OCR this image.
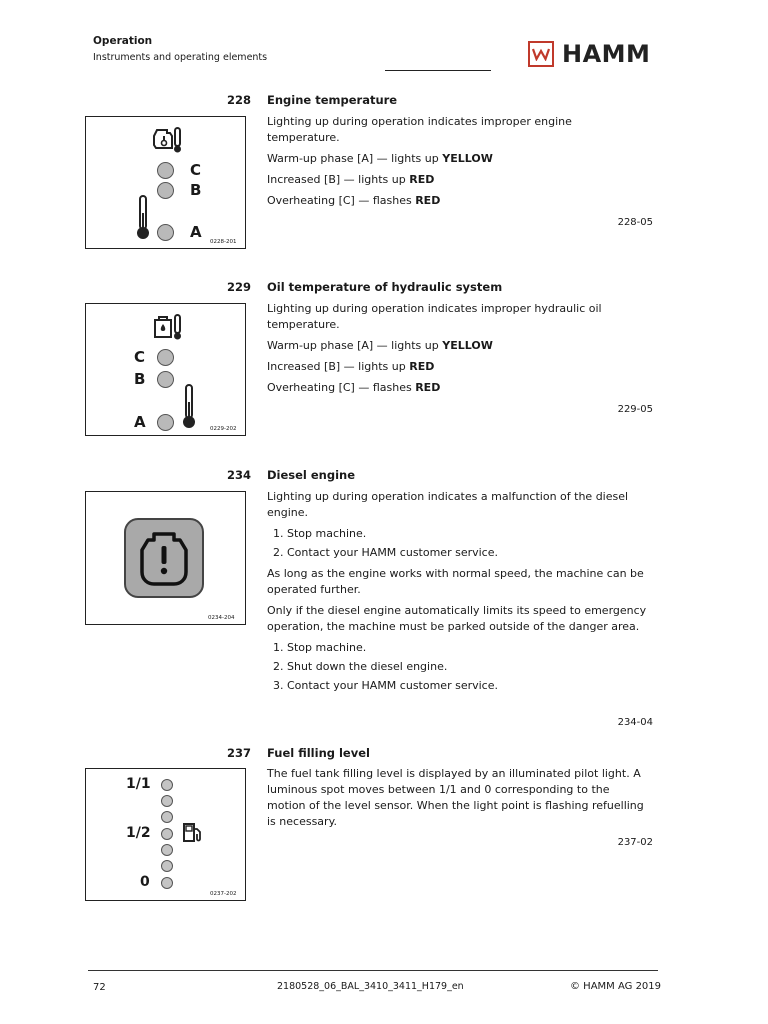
Operation
Instruments and operating elements	HAMM
228 Engine temperature
C
B
A
0228-201

Lighting up during operation indicates improper engine temperature.

Warm-up phase [A] — lights up YELLOW

Increased [B] — lights up RED

Overheating [C] — flashes RED

228-05
229 Oil temperature of hydraulic system
C
B
A	0229-202

Lighting up during operation indicates improper hydraulic oil temperature.

Warm-up phase [A] — lights up YELLOW

Increased [B] — lights up RED

Overheating [C] — flashes RED

229-05
234 Diesel engine
0234-204

Lighting up during operation indicates a malfunction of the diesel engine.

1. Stop machine.
2. Contact your HAMM customer service.

As long as the engine works with normal speed, the machine can be operated further.

Only if the diesel engine automatically limits its speed to emergency operation, the machine must be parked outside of the danger area.

1. Stop machine.
2. Shut down the diesel engine.
3. Contact your HAMM customer service.
234-04
237 Fuel filling level
1/1
1/2
0
0237-202

The fuel tank filling level is displayed by an illuminated pilot light. A luminous spot moves between 1/1 and 0 corresponding to the motion of the level sensor. When the light point is flashing refuelling is necessary.

237-02
72	2180528_06_BAL_3410_3411_H179_en	© HAMM AG 2019
